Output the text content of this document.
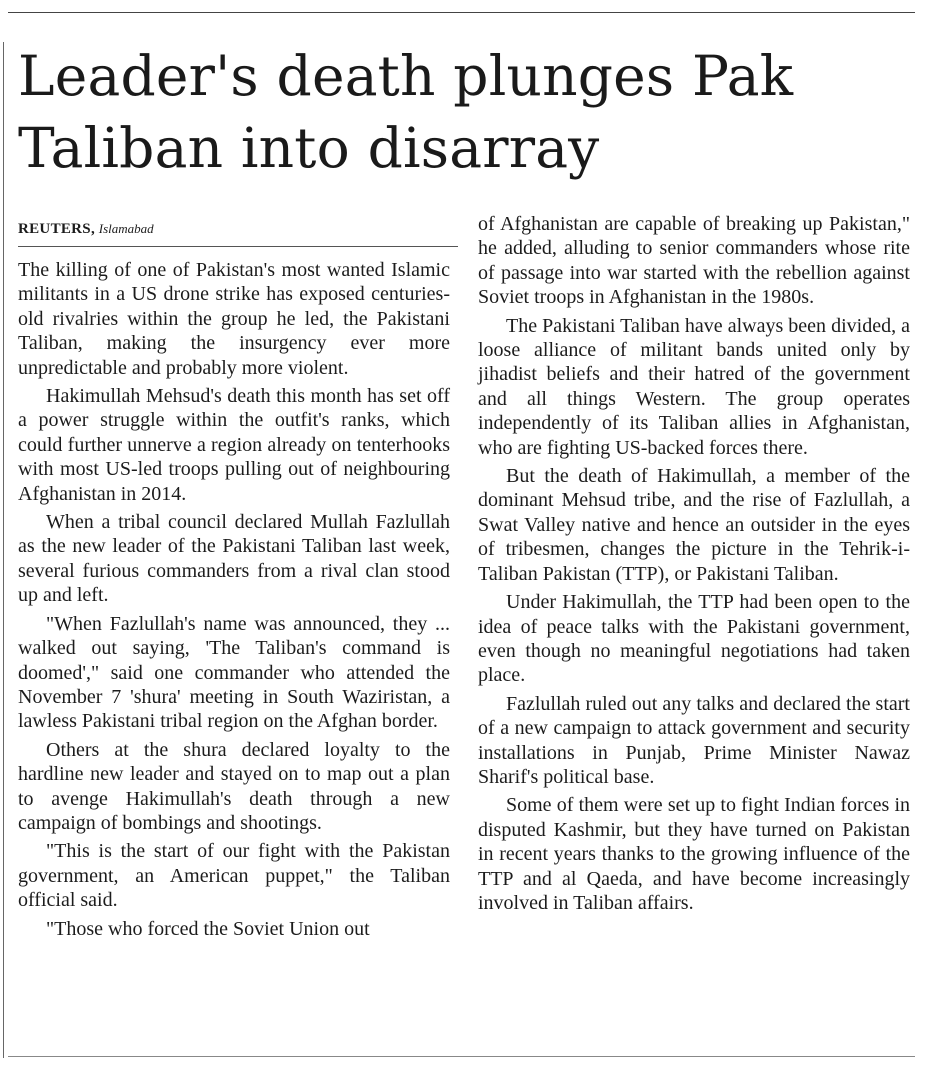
Leader's death plunges Pak Taliban into disarray
REUTERS, Islamabad

The killing of one of Pakistan's most wanted Islamic militants in a US drone strike has exposed centuries-old rivalries within the group he led, the Pakistani Taliban, making the insurgency ever more unpredictable and probably more violent.

Hakimullah Mehsud's death this month has set off a power struggle within the outfit's ranks, which could further unnerve a region already on tenterhooks with most US-led troops pulling out of neighbouring Afghanistan in 2014.

When a tribal council declared Mullah Fazlullah as the new leader of the Pakistani Taliban last week, several furious commanders from a rival clan stood up and left.

"When Fazlullah's name was announced, they ... walked out saying, 'The Taliban's command is doomed'," said one commander who attended the November 7 'shura' meeting in South Waziristan, a lawless Pakistani tribal region on the Afghan border.

Others at the shura declared loyalty to the hardline new leader and stayed on to map out a plan to avenge Hakimullah's death through a new campaign of bombings and shootings.

"This is the start of our fight with the Pakistan government, an American puppet," the Taliban official said.

"Those who forced the Soviet Union out

of Afghanistan are capable of breaking up Pakistan," he added, alluding to senior commanders whose rite of passage into war started with the rebellion against Soviet troops in Afghanistan in the 1980s.

The Pakistani Taliban have always been divided, a loose alliance of militant bands united only by jihadist beliefs and their hatred of the government and all things Western. The group operates independently of its Taliban allies in Afghanistan, who are fighting US-backed forces there.

But the death of Hakimullah, a member of the dominant Mehsud tribe, and the rise of Fazlullah, a Swat Valley native and hence an outsider in the eyes of tribesmen, changes the picture in the Tehrik-i-Taliban Pakistan (TTP), or Pakistani Taliban.

Under Hakimullah, the TTP had been open to the idea of peace talks with the Pakistani government, even though no meaningful negotiations had taken place.

Fazlullah ruled out any talks and declared the start of a new campaign to attack government and security installations in Punjab, Prime Minister Nawaz Sharif's political base.

Some of them were set up to fight Indian forces in disputed Kashmir, but they have turned on Pakistan in recent years thanks to the growing influence of the TTP and al Qaeda, and have become increasingly involved in Taliban affairs.
